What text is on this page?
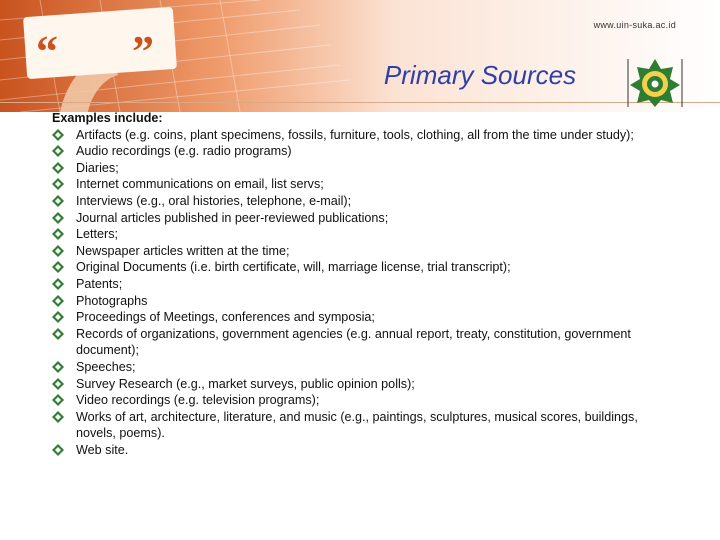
“ ”
www.uin-suka.ac.id
Primary Sources
Examples include:
Artifacts (e.g. coins, plant specimens, fossils, furniture, tools, clothing, all from the time under study);
Audio recordings (e.g. radio programs)
Diaries;
Internet communications on email, list servs;
Interviews (e.g., oral histories, telephone, e-mail);
Journal articles published in peer-reviewed publications;
Letters;
Newspaper articles written at the time;
Original Documents (i.e. birth certificate, will, marriage license, trial transcript);
Patents;
Photographs
Proceedings of Meetings, conferences and symposia;
Records of organizations, government agencies (e.g. annual report, treaty, constitution, government document);
Speeches;
Survey Research (e.g., market surveys, public opinion polls);
Video recordings (e.g. television programs);
Works of art, architecture, literature, and music (e.g., paintings, sculptures, musical scores, buildings, novels, poems).
Web site.
